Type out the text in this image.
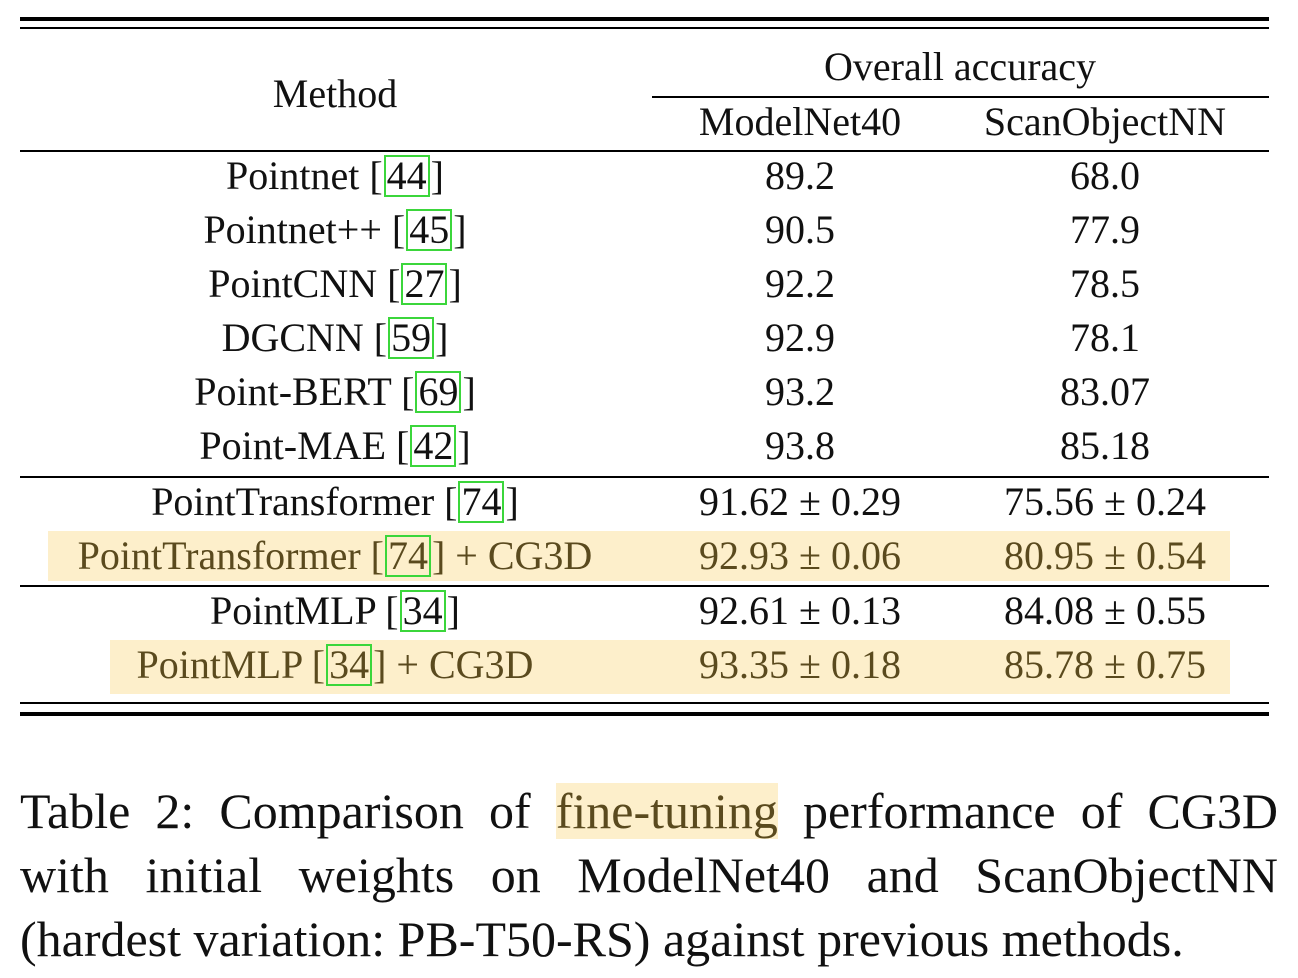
Method
Overall accuracy
ModelNet40	ScanObjectNN
Pointnet [ 44 ]	89.2	68.0
Pointnet++ [ 45 ]	90.5	77.9
PointCNN [ 27 ]	92.2	78.5
DGCNN [ 59 ]	92.9	78.1
Point-BERT [ 69 ]	93.2	83.07
Point-MAE [ 42 ]	93.8	85.18
PointTransformer [ 74 ]	91.62 ± 0.29	75.56 ± 0.24
PointTransformer [ 74 ] + CG3D	92.93 ± 0.06	80.95 ± 0.54
PointMLP [ 34 ]	92.61 ± 0.13	84.08 ± 0.55
PointMLP [ 34 ] + CG3D	93.35 ± 0.18	85.78 ± 0.75
Table 2: Comparison of fine-tuning performance of CG3D
with initial weights on ModelNet40 and ScanObjectNN
(hardest variation: PB-T50-RS) against previous methods.
